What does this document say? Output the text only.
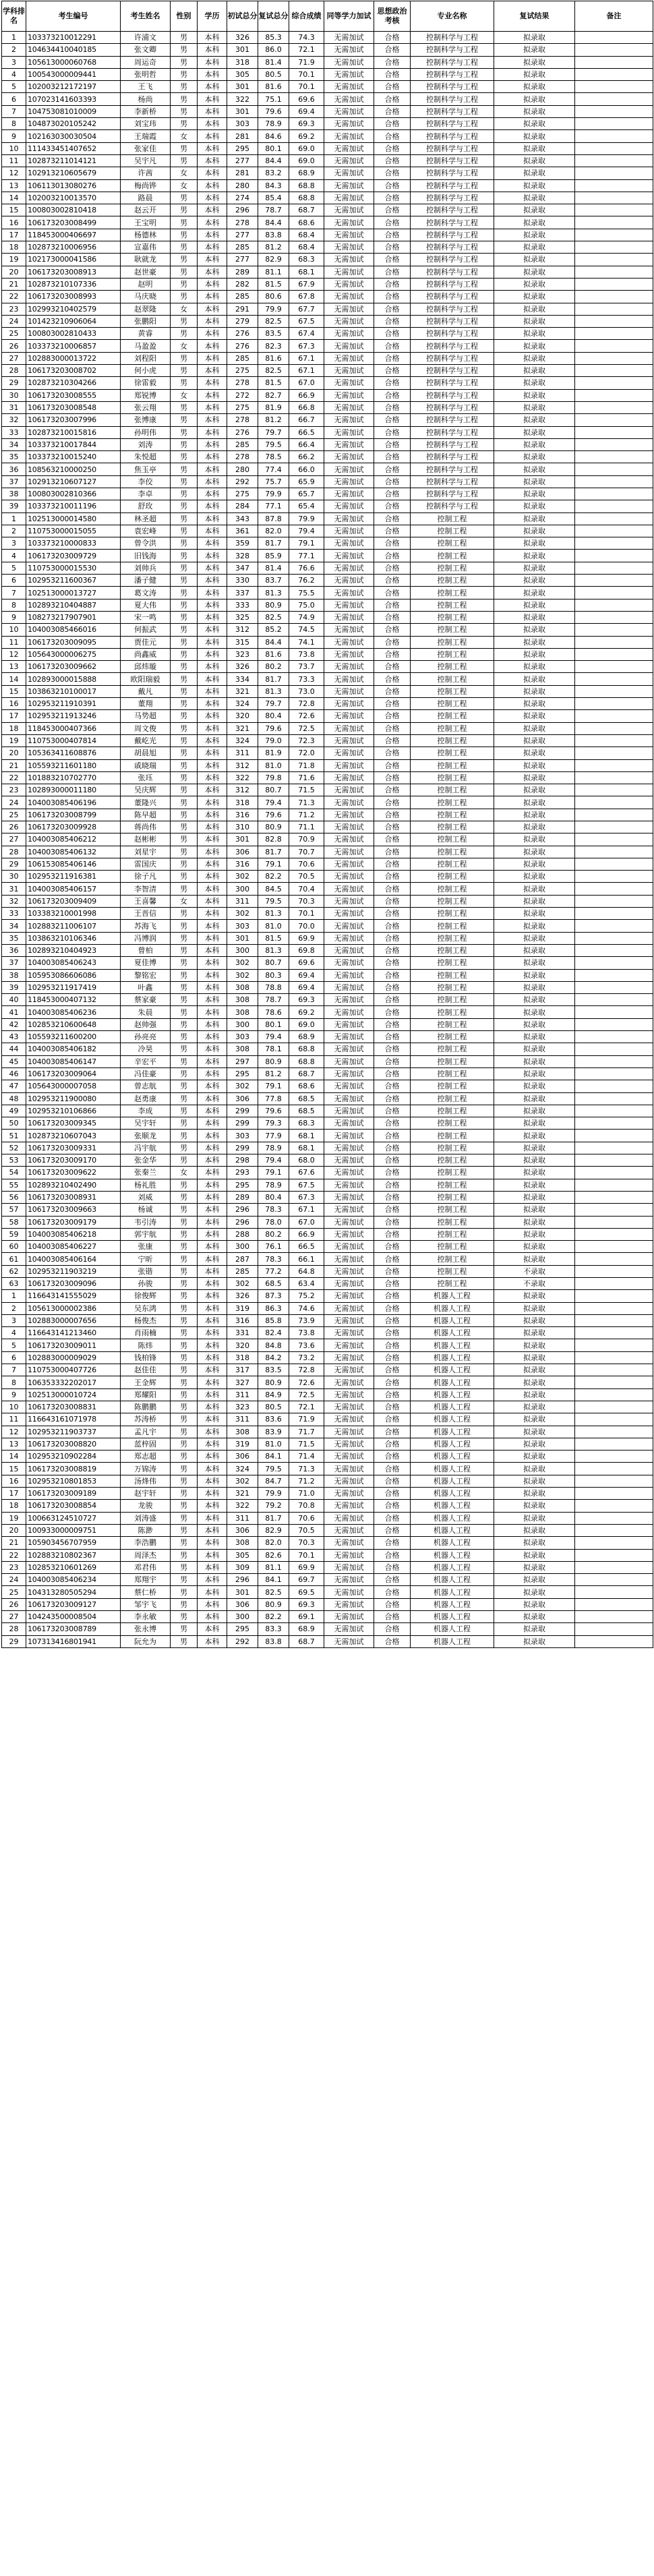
学科排名	考生编号	考生姓名	性别	学历	初试总分	复试总分	综合成绩	同等学力加试	思想政治考核	专业名称	复试结果	备注
1	103373210012291	许浦文	男	本科	326	85.3	74.3	无需加试	合格	控制科学与工程	拟录取	
2	104634410040185	张文卿	男	本科	301	86.0	72.1	无需加试	合格	控制科学与工程	拟录取	
3	105613000060768	周运奇	男	本科	318	81.4	71.9	无需加试	合格	控制科学与工程	拟录取	
4	100543000009441	张明哲	男	本科	305	80.5	70.1	无需加试	合格	控制科学与工程	拟录取	
5	102003212172197	王飞	男	本科	301	81.6	70.1	无需加试	合格	控制科学与工程	拟录取	
6	107023141603393	杨尚	男	本科	322	75.1	69.6	无需加试	合格	控制科学与工程	拟录取	
7	104753081010009	李新桥	男	本科	301	79.6	69.4	无需加试	合格	控制科学与工程	拟录取	
8	104873020105242	刘宝玮	男	本科	303	78.9	69.3	无需加试	合格	控制科学与工程	拟录取	
9	102163030030504	王瑞霞	女	本科	281	84.6	69.2	无需加试	合格	控制科学与工程	拟录取	
10	111433451407652	张家佳	男	本科	295	80.1	69.0	无需加试	合格	控制科学与工程	拟录取	
11	102873211014121	吴宇凡	男	本科	277	84.4	69.0	无需加试	合格	控制科学与工程	拟录取	
12	102913210605679	许茜	女	本科	281	83.2	68.9	无需加试	合格	控制科学与工程	拟录取	
13	106113013080276	梅尚铧	女	本科	280	84.3	68.8	无需加试	合格	控制科学与工程	拟录取	
14	102003210013570	路晨	男	本科	274	85.4	68.8	无需加试	合格	控制科学与工程	拟录取	
15	100803002810418	赵云开	男	本科	296	78.7	68.7	无需加试	合格	控制科学与工程	拟录取	
16	106173203008499	王宝明	男	本科	278	84.4	68.6	无需加试	合格	控制科学与工程	拟录取	
17	118453000406697	杨德林	男	本科	277	83.8	68.4	无需加试	合格	控制科学与工程	拟录取	
18	102873210006956	宣嘉伟	男	本科	285	81.2	68.4	无需加试	合格	控制科学与工程	拟录取	
19	102173000041586	耿就龙	男	本科	277	82.9	68.3	无需加试	合格	控制科学与工程	拟录取	
20	106173203008913	赵世豪	男	本科	289	81.1	68.1	无需加试	合格	控制科学与工程	拟录取	
21	102873210107336	赵明	男	本科	282	81.5	67.9	无需加试	合格	控制科学与工程	拟录取	
22	106173203008993	马庆晓	男	本科	285	80.6	67.8	无需加试	合格	控制科学与工程	拟录取	
23	102993210402579	赵翠隆	女	本科	291	79.9	67.7	无需加试	合格	控制科学与工程	拟录取	
24	101423210906064	张鹏阳	男	本科	279	82.5	67.5	无需加试	合格	控制科学与工程	拟录取	
25	100803002810433	黄睿	男	本科	276	83.5	67.4	无需加试	合格	控制科学与工程	拟录取	
26	103373210006857	马盈盈	女	本科	276	82.3	67.3	无需加试	合格	控制科学与工程	拟录取	
27	102883000013722	刘程阳	男	本科	285	81.6	67.1	无需加试	合格	控制科学与工程	拟录取	
28	106173203008702	何小虎	男	本科	275	82.5	67.1	无需加试	合格	控制科学与工程	拟录取	
29	102873210304266	徐雷毅	男	本科	278	81.5	67.0	无需加试	合格	控制科学与工程	拟录取	
30	106173203008555	郑锐博	女	本科	272	82.7	66.9	无需加试	合格	控制科学与工程	拟录取	
31	106173203008548	张云翔	男	本科	275	81.9	66.8	无需加试	合格	控制科学与工程	拟录取	
32	106173203007996	张博康	男	本科	278	81.2	66.7	无需加试	合格	控制科学与工程	拟录取	
33	102873210015816	孙明伟	男	本科	276	79.7	66.5	无需加试	合格	控制科学与工程	拟录取	
34	103373210017844	刘涛	男	本科	285	79.5	66.4	无需加试	合格	控制科学与工程	拟录取	
35	103373210015240	朱悦超	男	本科	278	78.5	66.2	无需加试	合格	控制科学与工程	拟录取	
36	108563210000250	焦玉亭	男	本科	280	77.4	66.0	无需加试	合格	控制科学与工程	拟录取	
37	102913210607127	李佼	男	本科	292	75.7	65.9	无需加试	合格	控制科学与工程	拟录取	
38	100803002810366	李卓	男	本科	275	79.9	65.7	无需加试	合格	控制科学与工程	拟录取	
39	103373210011196	舒玫	男	本科	284	77.1	65.4	无需加试	合格	控制科学与工程	拟录取	
1	102513000014580	林圣超	男	本科	343	87.8	79.9	无需加试	合格	控制工程	拟录取	
2	110753000015055	袁宏峰	男	本科	361	82.0	79.4	无需加试	合格	控制工程	拟录取	
3	103373210000833	曾令洪	男	本科	359	81.7	79.1	无需加试	合格	控制工程	拟录取	
4	106173203009729	旧钱海	男	本科	328	85.9	77.1	无需加试	合格	控制工程	拟录取	
5	110753000015530	刘帅兵	男	本科	347	81.4	76.6	无需加试	合格	控制工程	拟录取	
6	102953211600367	潘子健	男	本科	330	83.7	76.2	无需加试	合格	控制工程	拟录取	
7	102513000013727	葛文涛	男	本科	337	81.3	75.5	无需加试	合格	控制工程	拟录取	
8	102893210404887	夏大伟	男	本科	333	80.9	75.0	无需加试	合格	控制工程	拟录取	
9	108273217907901	宋一鸣	男	本科	325	82.5	74.9	无需加试	合格	控制工程	拟录取	
10	104003085466016	何振武	男	本科	312	85.2	74.5	无需加试	合格	控制工程	拟录取	
11	106173203009095	贾佳元	男	本科	315	84.4	74.1	无需加试	合格	控制工程	拟录取	
12	105643000006275	尚鑫威	男	本科	323	81.6	73.8	无需加试	合格	控制工程	拟录取	
13	106173203009662	邱炜璇	男	本科	326	80.2	73.7	无需加试	合格	控制工程	拟录取	
14	102893000015888	欧阳瑞毅	男	本科	334	81.7	73.3	无需加试	合格	控制工程	拟录取	
15	103863210100017	戴凡	男	本科	321	81.3	73.0	无需加试	合格	控制工程	拟录取	
16	102953211910391	董翔	男	本科	324	79.7	72.8	无需加试	合格	控制工程	拟录取	
17	102953211913246	马势超	男	本科	320	80.4	72.6	无需加试	合格	控制工程	拟录取	
18	118453000407366	周文俊	男	本科	321	79.6	72.5	无需加试	合格	控制工程	拟录取	
19	110753000407814	戴屹光	男	本科	324	79.0	72.3	无需加试	合格	控制工程	拟录取	
20	105363411608876	胡晨旭	男	本科	311	81.9	72.0	无需加试	合格	控制工程	拟录取	
21	105593211601180	戚晓瑞	男	本科	312	81.0	71.8	无需加试	合格	控制工程	拟录取	
22	101883210702770	张珏	男	本科	322	79.8	71.6	无需加试	合格	控制工程	拟录取	
23	102893000011180	吴庆辉	男	本科	312	80.7	71.5	无需加试	合格	控制工程	拟录取	
24	104003085406196	董隆兴	男	本科	318	79.4	71.3	无需加试	合格	控制工程	拟录取	
25	106173203008799	陈早超	男	本科	316	79.6	71.2	无需加试	合格	控制工程	拟录取	
26	106173203009928	蒋尚伟	男	本科	310	80.9	71.1	无需加试	合格	控制工程	拟录取	
27	104003085406212	赵彬彬	男	本科	301	82.8	70.9	无需加试	合格	控制工程	拟录取	
28	104003085406132	刘星宇	男	本科	306	81.7	70.7	无需加试	合格	控制工程	拟录取	
29	106153085406146	雷国庆	男	本科	316	79.1	70.6	无需加试	合格	控制工程	拟录取	
30	102953211916381	徐子凡	男	本科	302	82.2	70.5	无需加试	合格	控制工程	拟录取	
31	104003085406157	李智清	男	本科	300	84.5	70.4	无需加试	合格	控制工程	拟录取	
32	106173203009409	王喜馨	女	本科	311	79.5	70.3	无需加试	合格	控制工程	拟录取	
33	103383210001998	王晋信	男	本科	302	81.3	70.1	无需加试	合格	控制工程	拟录取	
34	102883211006107	苏海飞	男	本科	303	81.0	70.0	无需加试	合格	控制工程	拟录取	
35	103863210106346	冯博润	男	本科	301	81.5	69.9	无需加试	合格	控制工程	拟录取	
36	102893210404923	曾柏	男	本科	300	81.3	69.8	无需加试	合格	控制工程	拟录取	
37	104003085406243	夏佳博	男	本科	302	80.7	69.6	无需加试	合格	控制工程	拟录取	
38	105953086606086	黎铭宏	男	本科	302	80.3	69.4	无需加试	合格	控制工程	拟录取	
39	102953211917419	叶鑫	男	本科	308	78.8	69.4	无需加试	合格	控制工程	拟录取	
40	118453000407132	蔡家豪	男	本科	308	78.7	69.3	无需加试	合格	控制工程	拟录取	
41	104003085406236	朱晨	男	本科	308	78.6	69.2	无需加试	合格	控制工程	拟录取	
42	102853210600648	赵帅强	男	本科	300	80.1	69.0	无需加试	合格	控制工程	拟录取	
43	105593211600200	孙亮亮	男	本科	303	79.4	68.9	无需加试	合格	控制工程	拟录取	
44	104003085406182	冷昊	男	本科	308	78.1	68.8	无需加试	合格	控制工程	拟录取	
45	104003085406147	辛宏平	男	本科	297	80.9	68.8	无需加试	合格	控制工程	拟录取	
46	106173203009064	冯佳豪	男	本科	295	81.2	68.7	无需加试	合格	控制工程	拟录取	
47	105643000007058	曾志航	男	本科	302	79.1	68.6	无需加试	合格	控制工程	拟录取	
48	102953211900080	赵勇康	男	本科	306	77.8	68.5	无需加试	合格	控制工程	拟录取	
49	102953210106866	李成	男	本科	299	79.6	68.5	无需加试	合格	控制工程	拟录取	
50	106173203009345	吴宇轩	男	本科	299	79.3	68.3	无需加试	合格	控制工程	拟录取	
51	102873210607043	张顺龙	男	本科	303	77.9	68.1	无需加试	合格	控制工程	拟录取	
52	106173203009331	冯宇航	男	本科	299	78.9	68.1	无需加试	合格	控制工程	拟录取	
53	106173203009170	张金华	男	本科	298	79.4	68.0	无需加试	合格	控制工程	拟录取	
54	106173203009622	张秦兰	女	本科	293	79.1	67.6	无需加试	合格	控制工程	拟录取	
55	102893210402490	杨礼胜	男	本科	295	78.9	67.5	无需加试	合格	控制工程	拟录取	
56	106173203008931	刘威	男	本科	289	80.4	67.3	无需加试	合格	控制工程	拟录取	
57	106173203009663	杨诚	男	本科	296	78.3	67.1	无需加试	合格	控制工程	拟录取	
58	106173203009179	韦引涛	男	本科	296	78.0	67.0	无需加试	合格	控制工程	拟录取	
59	104003085406218	郭宇航	男	本科	288	80.2	66.9	无需加试	合格	控制工程	拟录取	
60	104003085406227	张康	男	本科	300	76.1	66.5	无需加试	合格	控制工程	拟录取	
61	104003085406164	宁昕	男	本科	287	78.3	66.1	无需加试	合格	控制工程	拟录取	
62	102953211903219	张锴	男	本科	285	77.2	64.8	无需加试	合格	控制工程	不录取	
63	106173203009096	孙骏	男	本科	302	68.5	63.4	无需加试	合格	控制工程	不录取	
1	116643141555029	徐俊辉	男	本科	326	87.3	75.2	无需加试	合格	机器人工程	拟录取	
2	105613000002386	吴东鸿	男	本科	319	86.3	74.6	无需加试	合格	机器人工程	拟录取	
3	102883000007656	杨俊杰	男	本科	316	85.8	73.9	无需加试	合格	机器人工程	拟录取	
4	116643141213460	肖雨楠	男	本科	331	82.4	73.8	无需加试	合格	机器人工程	拟录取	
5	106173203009011	陈炜	男	本科	320	84.8	73.6	无需加试	合格	机器人工程	拟录取	
6	102883000009029	钱柏锋	男	本科	318	84.2	73.2	无需加试	合格	机器人工程	拟录取	
7	110753000407726	赵佳佳	男	本科	317	83.5	72.8	无需加试	合格	机器人工程	拟录取	
8	106353332202017	王金辉	男	本科	327	80.9	72.6	无需加试	合格	机器人工程	拟录取	
9	102513000010724	郑耀阳	男	本科	311	84.9	72.5	无需加试	合格	机器人工程	拟录取	
10	106173203008831	陈鹏鹏	男	本科	323	80.5	72.1	无需加试	合格	机器人工程	拟录取	
11	116643161071978	苏涛桥	男	本科	311	83.6	71.9	无需加试	合格	机器人工程	拟录取	
12	102953211903737	孟凡宇	男	本科	308	83.9	71.7	无需加试	合格	机器人工程	拟录取	
13	106173203008820	蓝梓固	男	本科	319	81.0	71.5	无需加试	合格	机器人工程	拟录取	
14	102953210902284	郑志超	男	本科	306	84.1	71.4	无需加试	合格	机器人工程	拟录取	
15	106173203008819	万锦涛	男	本科	324	79.5	71.3	无需加试	合格	机器人工程	拟录取	
16	102953210801853	汤烽伟	男	本科	302	84.7	71.2	无需加试	合格	机器人工程	拟录取	
17	106173203009189	赵宇轩	男	本科	321	79.9	71.0	无需加试	合格	机器人工程	拟录取	
18	106173203008854	龙骏	男	本科	322	79.2	70.8	无需加试	合格	机器人工程	拟录取	
19	100663124510727	刘涛盛	男	本科	311	81.7	70.6	无需加试	合格	机器人工程	拟录取	
20	100933000009751	陈渺	男	本科	306	82.9	70.5	无需加试	合格	机器人工程	拟录取	
21	105903456707959	李浩鹏	男	本科	308	82.0	70.3	无需加试	合格	机器人工程	拟录取	
22	102883210802367	周泽杰	男	本科	305	82.6	70.1	无需加试	合格	机器人工程	拟录取	
23	102853210601269	邓君伟	男	本科	309	81.1	69.9	无需加试	合格	机器人工程	拟录取	
24	104003085406234	郑翔宇	男	本科	296	84.1	69.7	无需加试	合格	机器人工程	拟录取	
25	104313280505294	蔡仁桥	男	本科	301	82.5	69.5	无需加试	合格	机器人工程	拟录取	
26	106173203009127	邹宇飞	男	本科	306	80.9	69.3	无需加试	合格	机器人工程	拟录取	
27	104243500008504	李永敏	男	本科	300	82.2	69.1	无需加试	合格	机器人工程	拟录取	
28	106173203008789	张永博	男	本科	295	83.3	68.9	无需加试	合格	机器人工程	拟录取	
29	107313416801941	阮允为	男	本科	292	83.8	68.7	无需加试	合格	机器人工程	拟录取	
